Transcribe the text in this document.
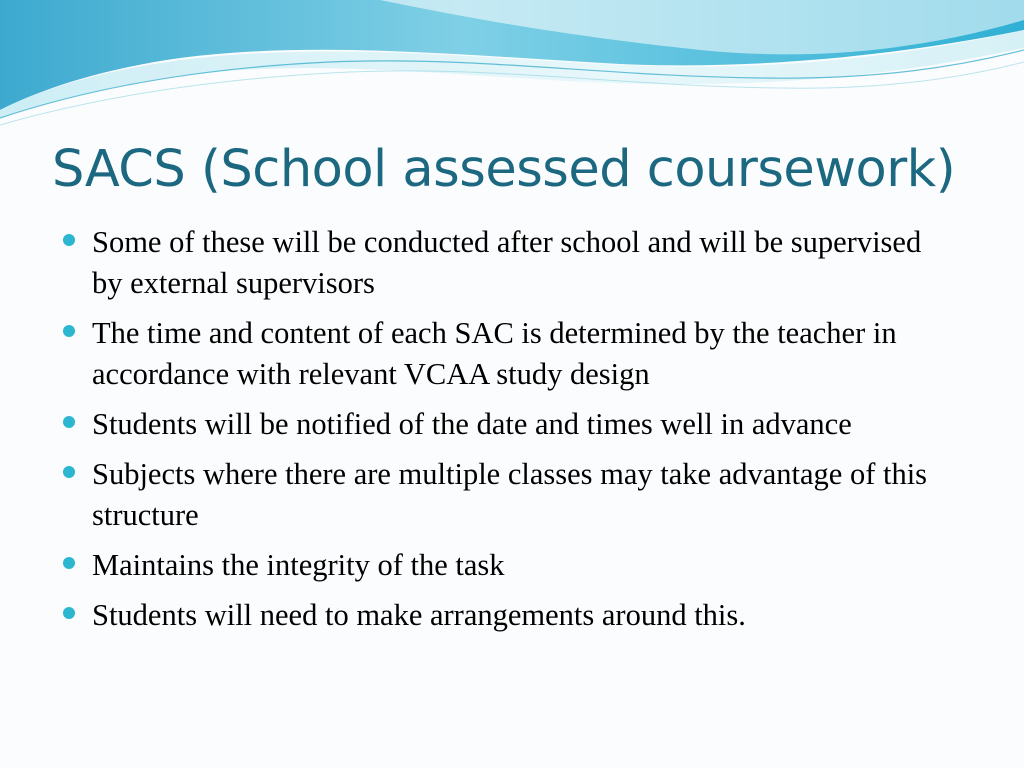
SACS (School assessed coursework)
Some of these will be conducted after school and will be supervised by external supervisors
The time and content of each SAC is determined by the teacher in accordance with relevant VCAA study design
Students will be notified of the date and times well in advance
Subjects where there are multiple classes may take advantage of this structure
Maintains the integrity of the task
Students will need to make arrangements around this.
